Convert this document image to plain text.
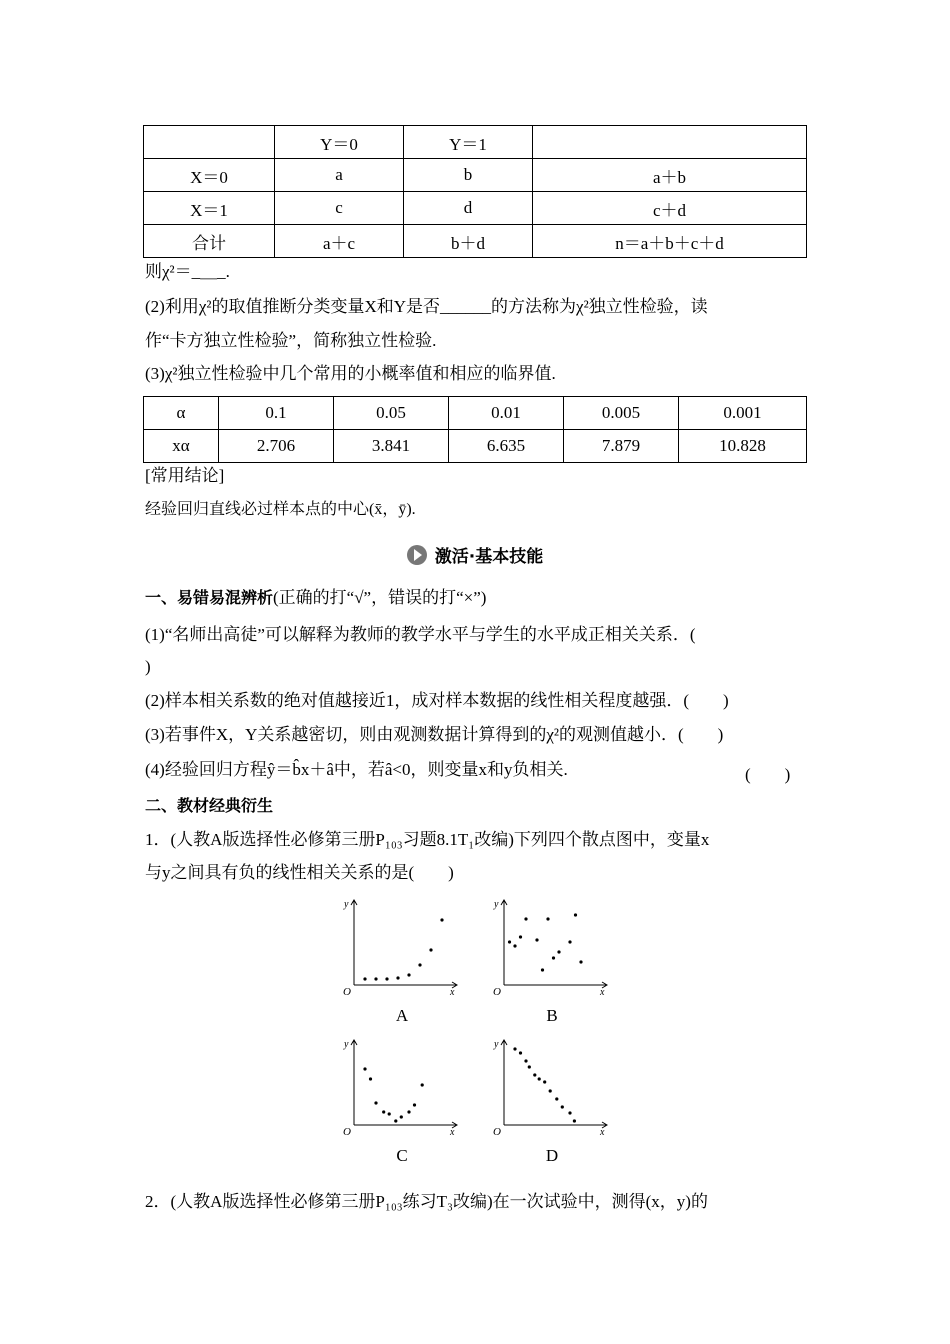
	Y＝0	Y＝1	
X＝0	a	b	a＋b
X＝1	c	d	c＋d
合计	a＋c	b＋d	n＝a＋b＋c＋d
则χ²＝_＿_.
(2)利用χ²的取值推断分类变量X和Y是否______的方法称为χ²独立性检验，读
作“卡方独立性检验”，简称独立性检验.
(3)χ²独立性检验中几个常用的小概率值和相应的临界值.
α	0.1	0.05	0.01	0.005	0.001
xα	2.706	3.841	6.635	7.879	10.828
[常用结论]
经验回归直线必过样本点的中心(x̄，ȳ).
激活·基本技能
一、易错易混辨析(正确的打“√”，错误的打“×”)
(1)“名师出高徒”可以解释为教师的教学水平与学生的水平成正相关关系．(
)
(2)样本相关系数的绝对值越接近1，成对样本数据的线性相关程度越强．(　　)
(3)若事件X，Y关系越密切，则由观测数据计算得到的χ²的观测值越小．(　　)
(4)经验回归方程ŷ＝b̂x＋â中，若â<0，则变量x和y负相关.	(　　)
二、教材经典衍生
1．(人教A版选择性必修第三册P₁₀₃习题8.1T₁改编)下列四个散点图中，变量x
与y之间具有负的线性相关关系的是(　　)
y
x
O
A
y
x
O
B
y
x
O
C
y
x
O
D
2．(人教A版选择性必修第三册P₁₀₃练习T₃改编)在一次试验中，测得(x，y)的
